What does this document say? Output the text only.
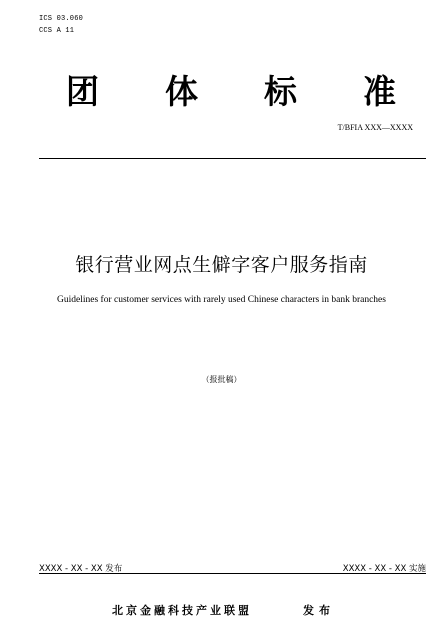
ICS 03.060
CCS A 11
团 体 标 准
T/BFIA XXX—XXXX
银行营业网点生僻字客户服务指南
Guidelines for customer services with rarely used Chinese characters in bank branches
（报批稿）
XXXX - XX - XX 发布	XXXX - XX - XX 实施
北京金融科技产业联盟	发布
